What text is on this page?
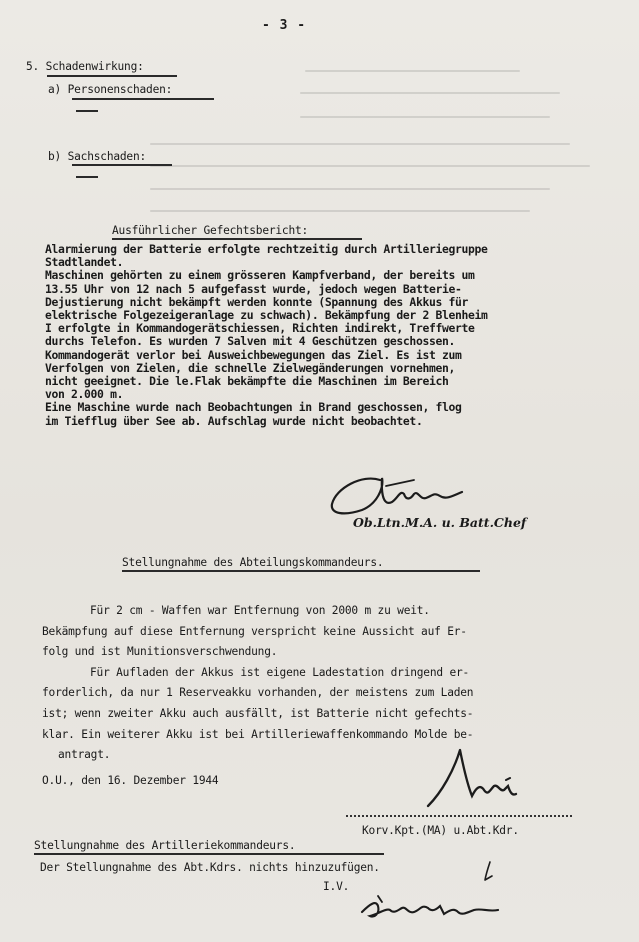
- 3 -
5. Schadenwirkung:
a) Personenschaden:
b) Sachschaden:
Ausführlicher Gefechtsbericht:
Alarmierung der Batterie erfolgte rechtzeitig durch Artilleriegruppe
Stadtlandet.
Maschinen gehörten zu einem grösseren Kampfverband, der bereits um
13.55 Uhr von 12 nach 5 aufgefasst wurde, jedoch wegen Batterie-
Dejustierung nicht bekämpft werden konnte (Spannung des Akkus für
elektrische Folgezeigeranlage zu schwach). Bekämpfung der 2 Blenheim
I erfolgte in Kommandogerätschiessen, Richten indirekt, Treffwerte
durchs Telefon. Es wurden 7 Salven mit 4 Geschützen geschossen.
Kommandogerät verlor bei Ausweichbewegungen das Ziel. Es ist zum
Verfolgen von Zielen, die schnelle Zielwegänderungen vornehmen,
nicht geeignet. Die le.Flak bekämpfte die Maschinen im Bereich
von 2.000 m.
Eine Maschine wurde nach Beobachtungen in Brand geschossen, flog
im Tiefflug über See ab. Aufschlag wurde nicht beobachtet.
Ob.Ltn.M.A. u. Batt.Chef
Stellungnahme des Abteilungskommandeurs.
Für 2 cm - Waffen war Entfernung von 2000 m zu weit.
Bekämpfung auf diese Entfernung verspricht keine Aussicht auf Er-
folg und ist Munitionsverschwendung.
Für Aufladen der Akkus ist eigene Ladestation dringend er-
forderlich, da nur 1 Reserveakku vorhanden, der meistens zum Laden
ist; wenn zweiter Akku auch ausfällt, ist Batterie nicht gefechts-
klar. Ein weiterer Akku ist bei Artilleriewaffenkommando Molde be-
antragt.
O.U., den 16. Dezember 1944
Korv.Kpt.(MA) u.Abt.Kdr.
Stellungnahme des Artilleriekommandeurs.
Der Stellungnahme des Abt.Kdrs. nichts hinzuzufügen.
I.V.
